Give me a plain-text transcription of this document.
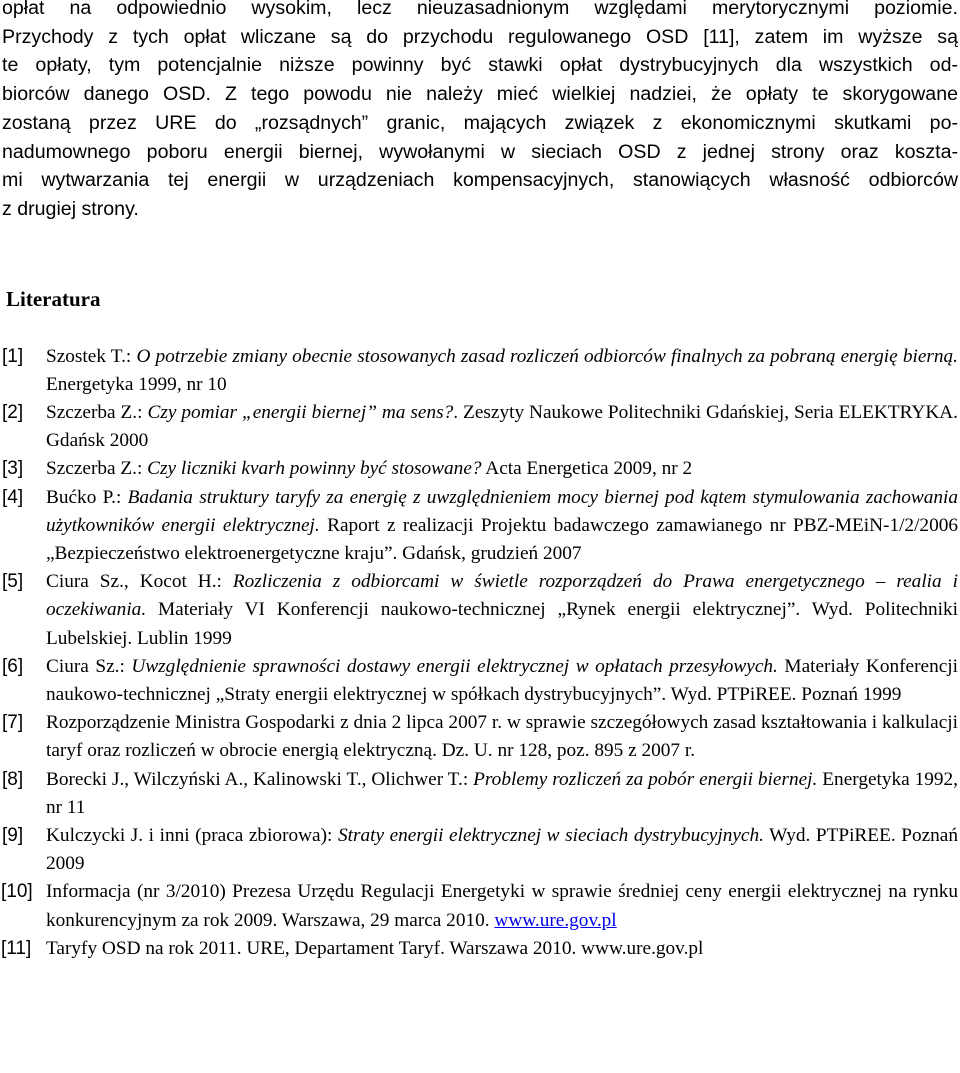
opłat na odpowiednio wysokim, lecz nieuzasadnionym względami merytorycznymi poziomie.
Przychody z tych opłat wliczane są do przychodu regulowanego OSD [11], zatem im wyższe są
te opłaty, tym potencjalnie niższe powinny być stawki opłat dystrybucyjnych dla wszystkich od-
biorców danego OSD. Z tego powodu nie należy mieć wielkiej nadziei, że opłaty te skorygowane
zostaną przez URE do „rozsądnych” granic, mających związek z ekonomicznymi skutkami po-
nadumownego poboru energii biernej, wywołanymi w sieciach OSD z jednej strony oraz koszta-
mi wytwarzania tej energii w urządzeniach kompensacyjnych, stanowiących własność odbiorców
z drugiej strony.
Literatura
[1] Szostek T.: O potrzebie zmiany obecnie stosowanych zasad rozliczeń odbiorców finalnych za pobraną energię bierną. Energetyka 1999, nr 10
[2] Szczerba Z.: Czy pomiar „energii biernej” ma sens?. Zeszyty Naukowe Politechniki Gdańskiej, Seria ELEKTRYKA. Gdańsk 2000
[3] Szczerba Z.: Czy liczniki kvarh powinny być stosowane? Acta Energetica 2009, nr 2
[4] Bućko P.: Badania struktury taryfy za energię z uwzględnieniem mocy biernej pod kątem stymulowania zachowania użytkowników energii elektrycznej. Raport z realizacji Projektu badawczego zamawianego nr PBZ-MEiN-1/2/2006 „Bezpieczeństwo elektroenergetyczne kraju”. Gdańsk, grudzień 2007
[5] Ciura Sz., Kocot H.: Rozliczenia z odbiorcami w świetle rozporządzeń do Prawa energetycznego – realia i oczekiwania. Materiały VI Konferencji naukowo-technicznej „Rynek energii elektrycznej”. Wyd. Politechniki Lubelskiej. Lublin 1999
[6] Ciura Sz.: Uwzględnienie sprawności dostawy energii elektrycznej w opłatach przesyłowych. Materiały Konferencji naukowo-technicznej „Straty energii elektrycznej w spółkach dystrybucyjnych”. Wyd. PTPiREE. Poznań 1999
[7] Rozporządzenie Ministra Gospodarki z dnia 2 lipca 2007 r. w sprawie szczegółowych zasad kształtowania i kalkulacji taryf oraz rozliczeń w obrocie energią elektryczną. Dz. U. nr 128, poz. 895 z 2007 r.
[8] Borecki J., Wilczyński A., Kalinowski T., Olichwer T.: Problemy rozliczeń za pobór energii biernej. Energetyka 1992, nr 11
[9] Kulczycki J. i inni (praca zbiorowa): Straty energii elektrycznej w sieciach dystrybucyjnych. Wyd. PTPiREE. Poznań 2009
[10] Informacja (nr 3/2010) Prezesa Urzędu Regulacji Energetyki w sprawie średniej ceny energii elektrycznej na rynku konkurencyjnym za rok 2009. Warszawa, 29 marca 2010. www.ure.gov.pl
[11] Taryfy OSD na rok 2011. URE, Departament Taryf. Warszawa 2010. www.ure.gov.pl
